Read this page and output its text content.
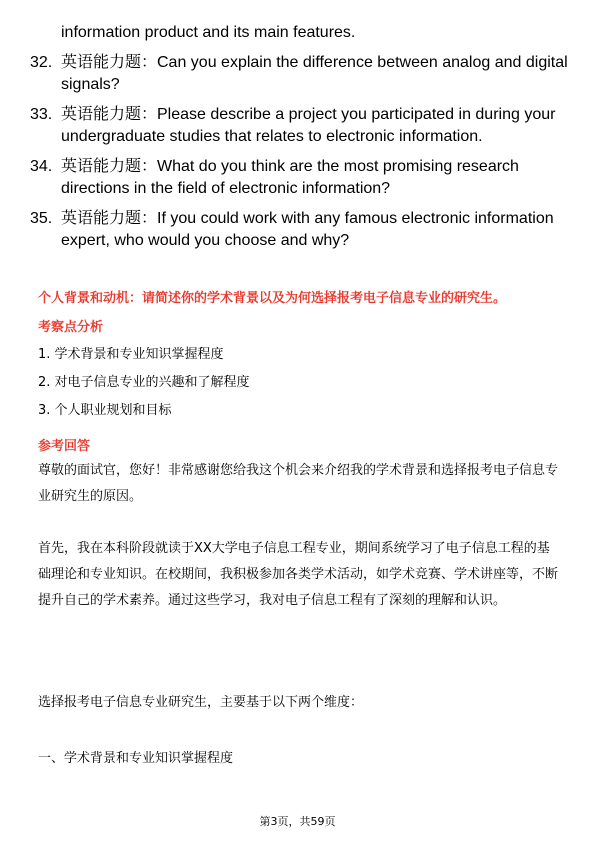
information product and its main features.
32. 英语能力题：Can you explain the difference between analog and digital signals?
33. 英语能力题：Please describe a project you participated in during your undergraduate studies that relates to electronic information.
34. 英语能力题：What do you think are the most promising research directions in the field of electronic information?
35. 英语能力题：If you could work with any famous electronic information expert, who would you choose and why?
个人背景和动机：请简述你的学术背景以及为何选择报考电子信息专业的研究生。
考察点分析
1. 学术背景和专业知识掌握程度
2. 对电子信息专业的兴趣和了解程度
3. 个人职业规划和目标
参考回答
尊敬的面试官，您好！非常感谢您给我这个机会来介绍我的学术背景和选择报考电子信息专业研究生的原因。
首先，我在本科阶段就读于XX大学电子信息工程专业，期间系统学习了电子信息工程的基础理论和专业知识。在校期间，我积极参加各类学术活动，如学术竞赛、学术讲座等，不断提升自己的学术素养。通过这些学习，我对电子信息工程有了深刻的理解和认识。
选择报考电子信息专业研究生，主要基于以下两个维度：
一、学术背景和专业知识掌握程度
第3页，共59页
